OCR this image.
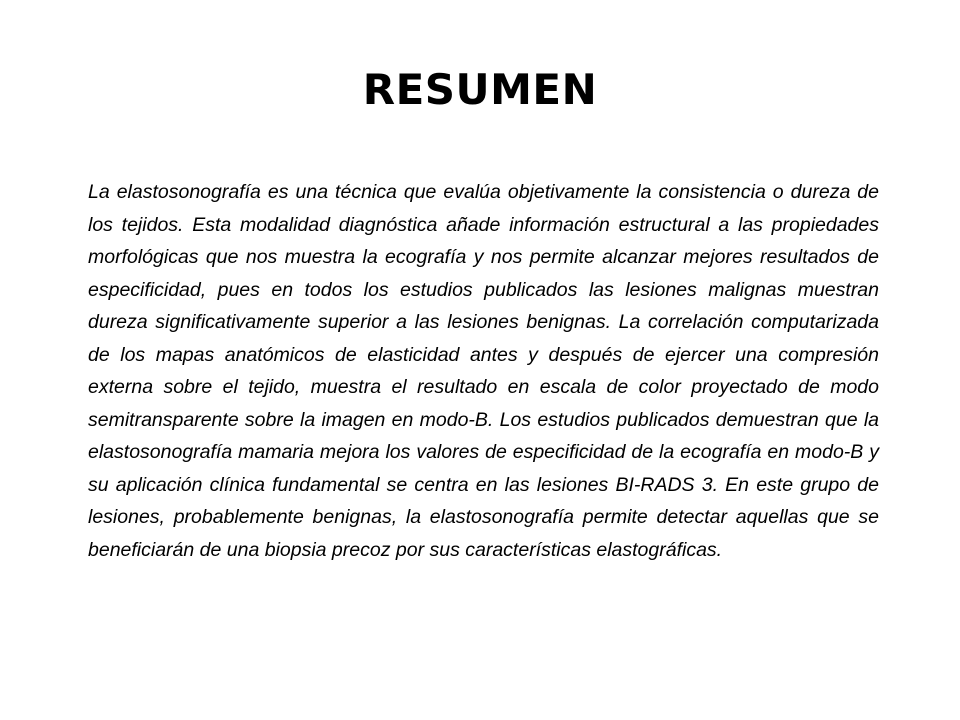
RESUMEN

La elastosonografía es una técnica que evalúa objetivamente la consistencia o dureza de los tejidos. Esta modalidad diagnóstica añade información estructural a las propiedades morfológicas que nos muestra la ecografía y nos permite alcanzar mejores resultados de especificidad, pues en todos los estudios publicados las lesiones malignas muestran dureza significativamente superior a las lesiones benignas. La correlación computarizada de los mapas anatómicos de elasticidad antes y después de ejercer una compresión externa sobre el tejido, muestra el resultado en escala de color proyectado de modo semitransparente sobre la imagen en modo-B. Los estudios publicados demuestran que la elastosonografía mamaria mejora los valores de especificidad de la ecografía en modo-B y su aplicación clínica fundamental se centra en las lesiones BI-RADS 3. En este grupo de lesiones, probablemente benignas, la elastosonografía permite detectar aquellas que se beneficiarán de una biopsia precoz por sus características elastográficas.
